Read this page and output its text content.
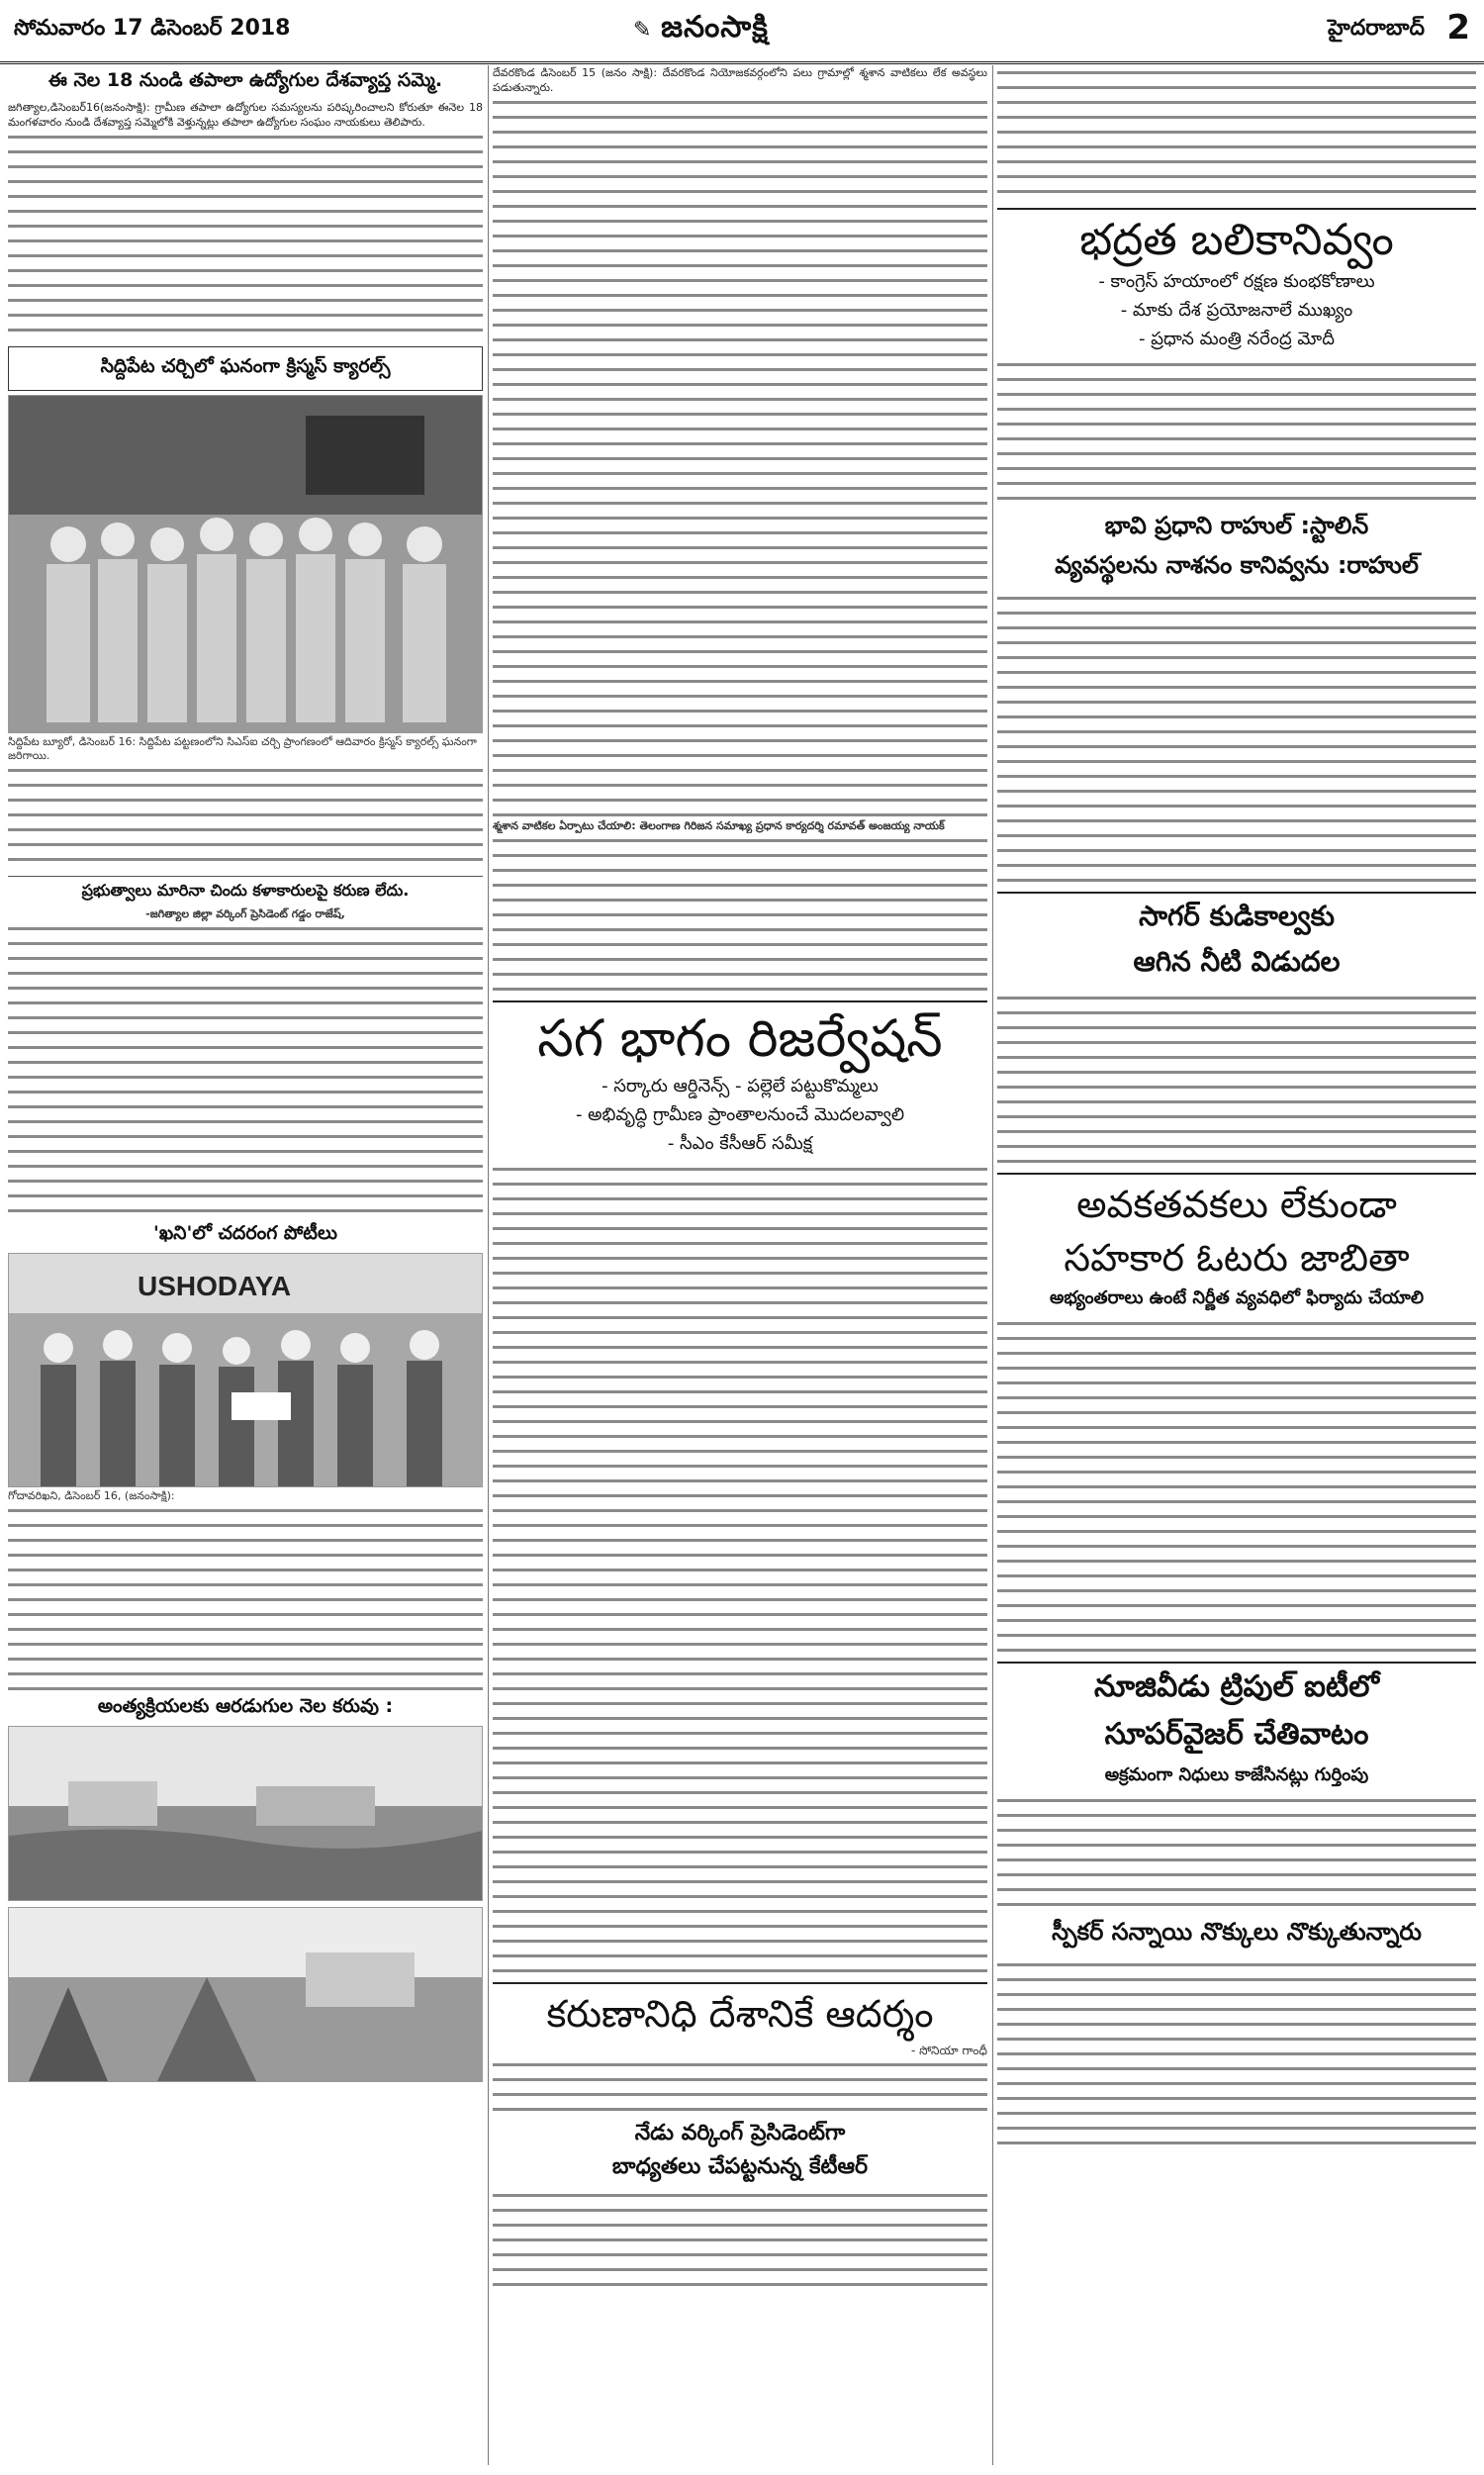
సోమవారం 17 డిసెంబర్ 2018
✎	జనంసాక్షి	హైదరాబాద్ 2
ఈ నెల 18 నుండి తపాలా ఉద్యోగుల దేశవ్యాప్త సమ్మె.

జగిత్యాల,డిసెంబర్16(జనంసాక్షి): గ్రామీణ తపాలా ఉద్యోగుల సమస్యలను పరిష్కరించాలని కోరుతూ ఈనెల 18 మంగళవారం నుండి దేశవ్యాప్త సమ్మెలోకి వెళ్తున్నట్లు తపాలా ఉద్యోగుల సంఘం నాయకులు తెలిపారు.

సిద్దిపేట చర్చిలో ఘనంగా క్రిస్మస్ క్యారల్స్

సిద్దిపేట బ్యూరో, డిసెంబర్ 16: సిద్దిపేట పట్టణంలోని సిఎస్ఐ చర్చి ప్రాంగణంలో ఆదివారం క్రిస్మస్ క్యారల్స్ ఘనంగా జరిగాయి.

ప్రభుత్వాలు మారినా చిందు కళాకారులపై కరుణ లేదు.

-జగిత్యాల జిల్లా వర్కింగ్ ప్రెసిడెంట్ గడ్డం రాజేష్,

'ఖని'లో చదరంగ పోటీలు
USHODAYA

గోదావరిఖని, డిసెంబర్ 16, (జనంసాక్షి):

అంత్యక్రియలకు ఆరడుగుల నెల కరువు :

దేవరకొండ డిసెంబర్ 15 (జనం సాక్షి): దేవరకొండ నియోజకవర్గంలోని పలు గ్రామాల్లో శ్మశాన వాటికలు లేక అవస్థలు పడుతున్నారు.

శ్మశాన వాటికల ఏర్పాటు చేయాలి: తెలంగాణ గిరిజన సమాఖ్య ప్రధాన కార్యదర్శి రమావత్ అంజయ్య నాయక్

సగ భాగం రిజర్వేషన్
- సర్కారు ఆర్డినెన్స్ - పల్లెలే పట్టుకొమ్మలు
- అభివృద్ధి గ్రామీణ ప్రాంతాలనుంచే మొదలవ్వాలి
- సీఎం కేసీఆర్ సమీక్ష
కరుణానిధి దేశానికే ఆదర్శం
- సోనియా గాంధీ
నేడు వర్కింగ్ ప్రెసిడెంట్‌గా
బాధ్యతలు చేపట్టనున్న కేటీఆర్
భద్రత బలికానివ్వం
- కాంగ్రెస్ హయాంలో రక్షణ కుంభకోణాలు
- మాకు దేశ ప్రయోజనాలే ముఖ్యం
- ప్రధాన మంత్రి నరేంద్ర మోదీ
భావి ప్రధాని రాహుల్ :స్టాలిన్
వ్యవస్థలను నాశనం కానివ్వను :రాహుల్
సాగర్ కుడికాల్వకు
ఆగిన నీటి విడుదల
అవకతవకలు లేకుండా
సహకార ఓటరు జాబితా
అభ్యంతరాలు ఉంటే నిర్ణీత వ్యవధిలో ఫిర్యాదు చేయాలి
నూజివీడు ట్రిపుల్ ఐటీలో
సూపర్‌వైజర్ చేతివాటం
అక్రమంగా నిధులు కాజేసినట్లు గుర్తింపు
స్పీకర్ సన్నాయి నొక్కులు నొక్కుతున్నారు
